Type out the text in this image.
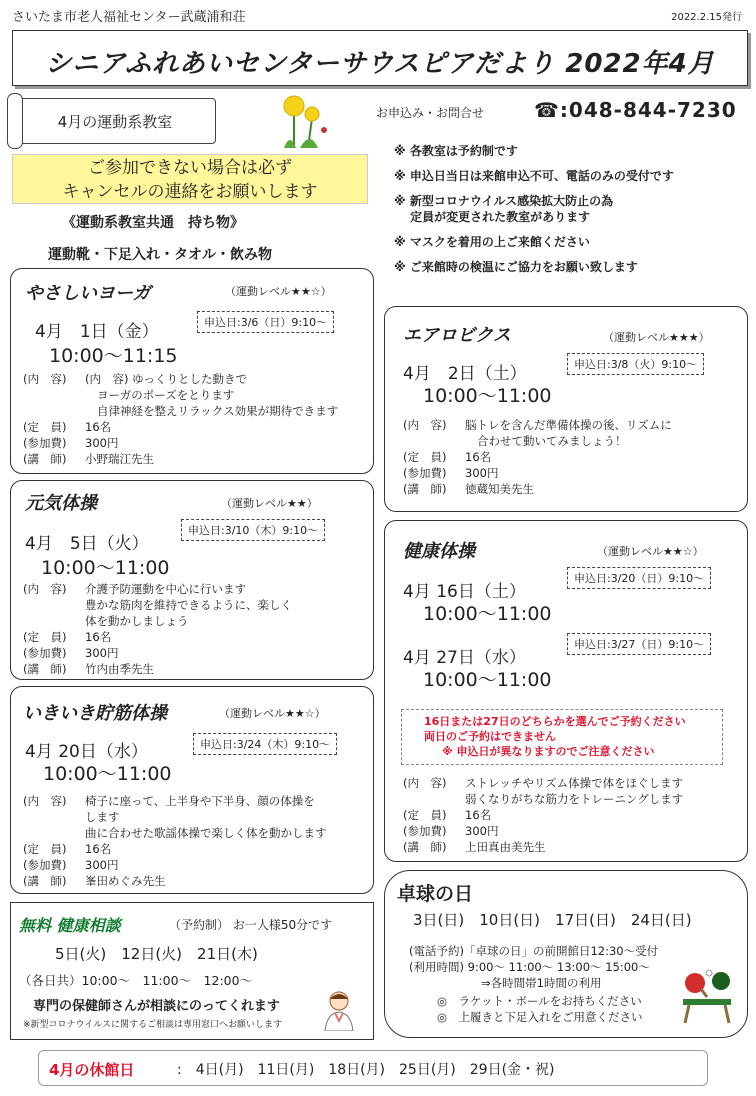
さいたま市老人福祉センター武蔵浦和荘	2022.2.15発行
シニアふれあいセンターサウスピアだより 2022年4月
4月の運動系教室	お申込み・お問合せ ☎:048-844-7230
ご参加できない場合は必ず
キャンセルの連絡をお願いします
《運動系教室共通　持ち物》
運動靴・下足入れ・タオル・飲み物
※ 各教室は予約制です
※ 申込日当日は来館申込不可、電話のみの受付です
※ 新型コロナウイルス感染拡大防止の為
　 定員が変更された教室があります
※ マスクを着用の上ご来館ください
※ ご来館時の検温にご協力をお願い致します
やさしいヨーガ	（運動レベル★★☆）
4月　1日（金）	申込日:3/6（日）9:10～
10:00～11:15
(内　容)	(内　容) ゆっくりとした動きで
ヨーガのポーズをとります
自律神経を整えリラックス効果が期待できます
(定　員)	16名
(参加費)	300円
(講　師)	小野瑞江先生
元気体操	（運動レベル★★）
申込日:3/10（木）9:10～
4月　5日（火）
10:00～11:00
(内　容)	介護予防運動を中心に行います
豊かな筋肉を維持できるように、楽しく
体を動かしましょう
(定　員)	16名
(参加費)	300円
(講　師)	竹内由季先生
いきいき貯筋体操	（運動レベル★★☆）
4月 20日（水）	申込日:3/24（木）9:10～
10:00～11:00
(内　容)	椅子に座って、上半身や下半身、顔の体操を
します
曲に合わせた歌謡体操で楽しく体を動かします
(定　員)	16名
(参加費)	300円
(講　師)	峯田めぐみ先生
エアロビクス	（運動レベル★★★）
4月　2日（土）	申込日:3/8（火）9:10～
10:00～11:00
(内　容)	脳トレを含んだ準備体操の後、リズムに
合わせて動いてみましょう！
(定　員)	16名
(参加費)	300円
(講　師)	徳蔵知美先生
健康体操	（運動レベル★★☆）
申込日:3/20（日）9:10～
4月 16日（土）
10:00～11:00
申込日:3/27（日）9:10～
4月 27日（水）
10:00～11:00
16日または27日のどちらかを選んでご予約ください
両日のご予約はできません
※ 申込日が異なりますのでご注意ください
(内　容)	ストレッチやリズム体操で体をほぐします
弱くなりがちな筋力をトレーニングします
(定　員)	16名
(参加費)	300円
(講　師)	上田真由美先生
卓球の日
3日(日)　10日(日)　17日(日)　24日(日)
(電話予約)「卓球の日」の前開館日12:30～受付
(利用時間) 9:00～ 11:00～ 13:00～ 15:00～
⇒各時間帯1時間の利用
◎　ラケット・ボールをお持ちください
◎　上履きと下足入れをご用意ください
無料 健康相談	（予約制） お一人様50分です
5日(火)　12日(火)　21日(木)
（各日共）10:00～　11:00～　12:00～
専門の保健師さんが相談にのってくれます
※新型コロナウイルスに関するご相談は専用窓口へお願いします
4月の休館日	:　4日(月)　11日(月)　18日(月)　25日(月)　29日(金・祝)
